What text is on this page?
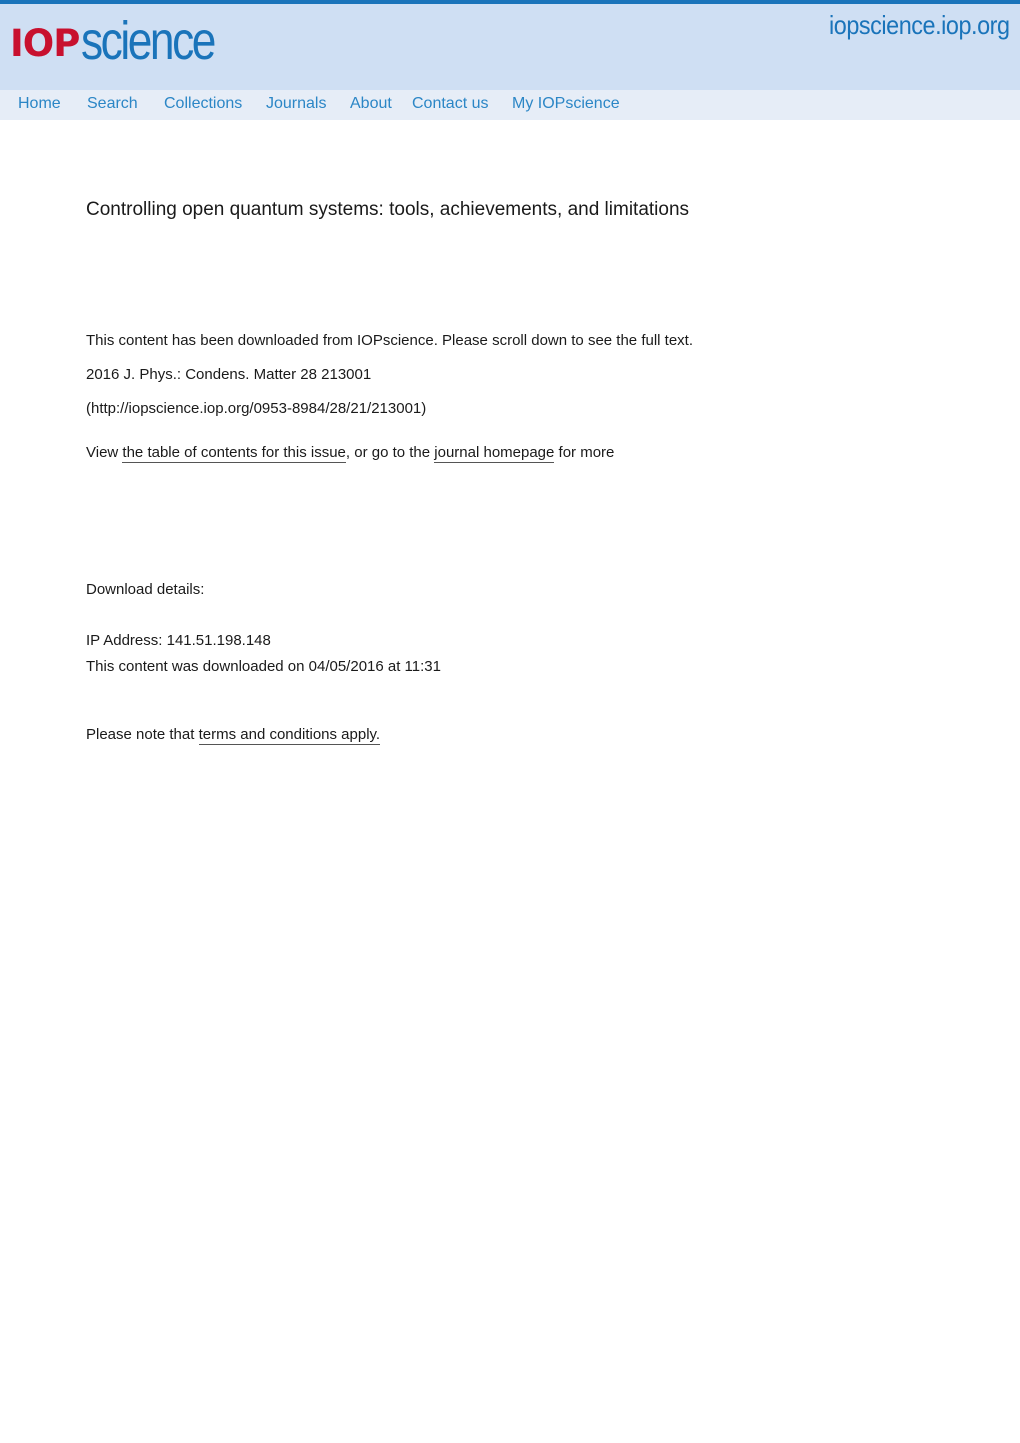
IOP science	iopscience.iop.org
Home Search Collections Journals About Contact us My IOPscience
Controlling open quantum systems: tools, achievements, and limitations
This content has been downloaded from IOPscience. Please scroll down to see the full text.
2016 J. Phys.: Condens. Matter 28 213001
(http://iopscience.iop.org/0953-8984/28/21/213001)
View the table of contents for this issue, or go to the journal homepage for more
Download details:
IP Address: 141.51.198.148
This content was downloaded on 04/05/2016 at 11:31
Please note that terms and conditions apply.
